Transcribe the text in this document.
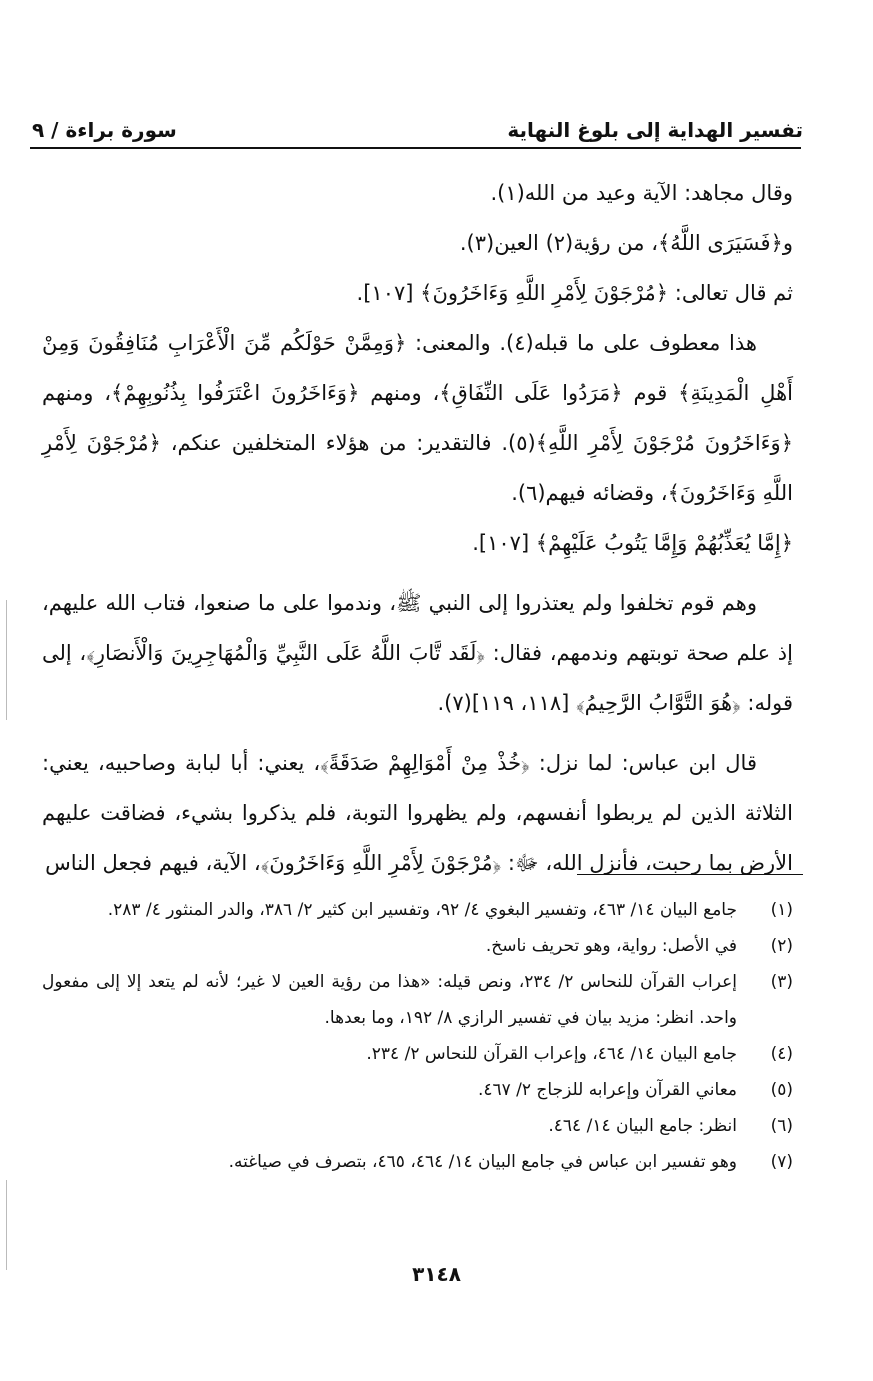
تفسير الهداية إلى بلوغ النهاية
سورة براءة / ٩

وقال مجاهد: الآية وعيد من الله(١).

و﴿فَسَيَرَى اللَّهُ﴾، من رؤية(٢) العين(٣).

ثم قال تعالى: ﴿مُرْجَوْنَ لِأَمْرِ اللَّهِ وَءَاخَرُونَ﴾ [١٠٧].

هذا معطوف على ما قبله(٤). والمعنى: ﴿وَمِمَّنْ حَوْلَكُم مِّنَ الْأَعْرَابِ مُنَافِقُونَ وَمِنْ أَهْلِ الْمَدِينَةِ﴾ قوم ﴿مَرَدُوا عَلَى النِّفَاقِ﴾، ومنهم ﴿وَءَاخَرُونَ اعْتَرَفُوا بِذُنُوبِهِمْ﴾، ومنهم ﴿وَءَاخَرُونَ مُرْجَوْنَ لِأَمْرِ اللَّهِ﴾(٥). فالتقدير: من هؤلاء المتخلفين عنكم، ﴿مُرْجَوْنَ لِأَمْرِ اللَّهِ وَءَاخَرُونَ﴾، وقضائه فيهم(٦).

﴿إِمَّا يُعَذِّبُهُمْ وَإِمَّا يَتُوبُ عَلَيْهِمْ﴾ [١٠٧].

وهم قوم تخلفوا ولم يعتذروا إلى النبي ﷺ، وندموا على ما صنعوا، فتاب الله عليهم، إذ علم صحة توبتهم وندمهم، فقال: ﴿لَقَد تَّابَ اللَّهُ عَلَى النَّبِيِّ وَالْمُهَاجِرِينَ وَالْأَنصَارِ﴾، إلى قوله: ﴿هُوَ التَّوَّابُ الرَّحِيمُ﴾ [١١٨، ١١٩](٧).

قال ابن عباس: لما نزل: ﴿خُذْ مِنْ أَمْوَالِهِمْ صَدَقَةً﴾، يعني: أبا لبابة وصاحبيه، يعني: الثلاثة الذين لم يربطوا أنفسهم، ولم يظهروا التوبة، فلم يذكروا بشيء، فضاقت عليهم الأرض بما رحبت، فأنزل الله، ﷻ: ﴿مُرْجَوْنَ لِأَمْرِ اللَّهِ وَءَاخَرُونَ﴾، الآية، فيهم فجعل الناس

(١)
جامع البيان ١٤/ ٤٦٣، وتفسير البغوي ٤/ ٩٢، وتفسير ابن كثير ٢/ ٣٨٦، والدر المنثور ٤/ ٢٨٣.
(٢)
في الأصل: رواية، وهو تحريف ناسخ.
(٣)
إعراب القرآن للنحاس ٢/ ٢٣٤، ونص قيله: «هذا من رؤية العين لا غير؛ لأنه لم يتعد إلا إلى مفعول واحد. انظر: مزيد بيان في تفسير الرازي ٨/ ١٩٢، وما بعدها.
(٤)
جامع البيان ١٤/ ٤٦٤، وإعراب القرآن للنحاس ٢/ ٢٣٤.
(٥)
معاني القرآن وإعرابه للزجاج ٢/ ٤٦٧.
(٦)
انظر: جامع البيان ١٤/ ٤٦٤.
(٧)
وهو تفسير ابن عباس في جامع البيان ١٤/ ٤٦٤، ٤٦٥، بتصرف في صياغته.
٣١٤٨
